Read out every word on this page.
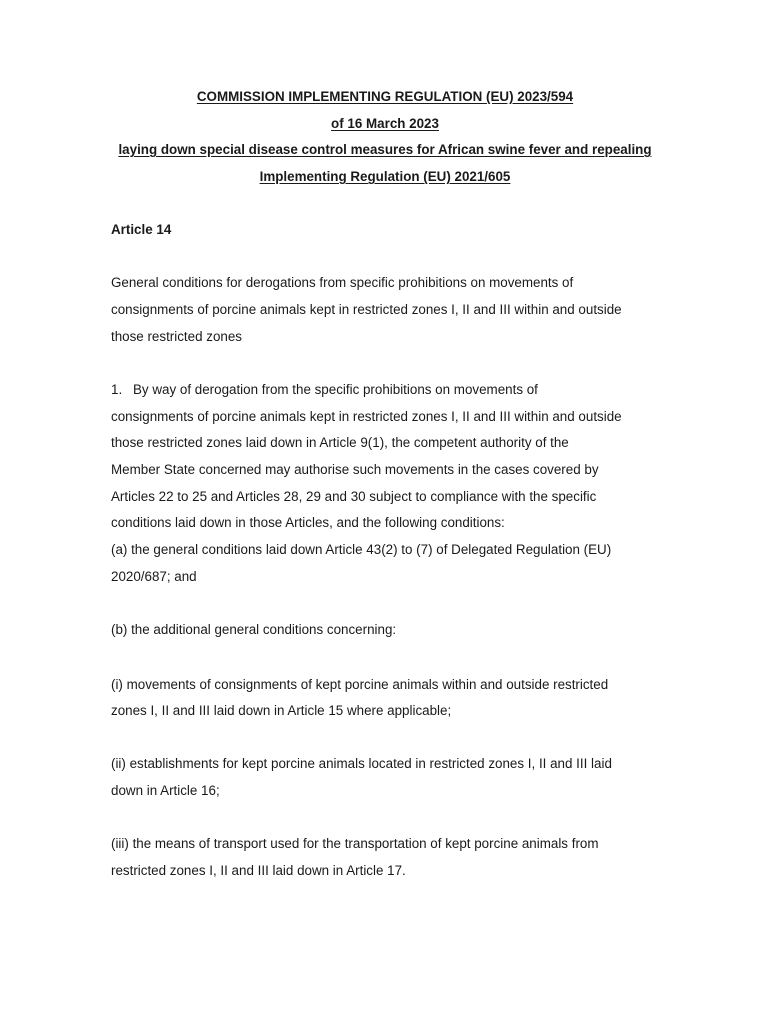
COMMISSION IMPLEMENTING REGULATION (EU) 2023/594
of 16 March 2023
laying down special disease control measures for African swine fever and repealing
Implementing Regulation (EU) 2021/605
Article 14
General conditions for derogations from specific prohibitions on movements of
consignments of porcine animals kept in restricted zones I, II and III within and outside
those restricted zones
1. By way of derogation from the specific prohibitions on movements of
consignments of porcine animals kept in restricted zones I, II and III within and outside
those restricted zones laid down in Article 9(1), the competent authority of the
Member State concerned may authorise such movements in the cases covered by
Articles 22 to 25 and Articles 28, 29 and 30 subject to compliance with the specific
conditions laid down in those Articles, and the following conditions:
(a) the general conditions laid down Article 43(2) to (7) of Delegated Regulation (EU)
2020/687; and
(b) the additional general conditions concerning:
(i) movements of consignments of kept porcine animals within and outside restricted
zones I, II and III laid down in Article 15 where applicable;
(ii) establishments for kept porcine animals located in restricted zones I, II and III laid
down in Article 16;
(iii) the means of transport used for the transportation of kept porcine animals from
restricted zones I, II and III laid down in Article 17.
